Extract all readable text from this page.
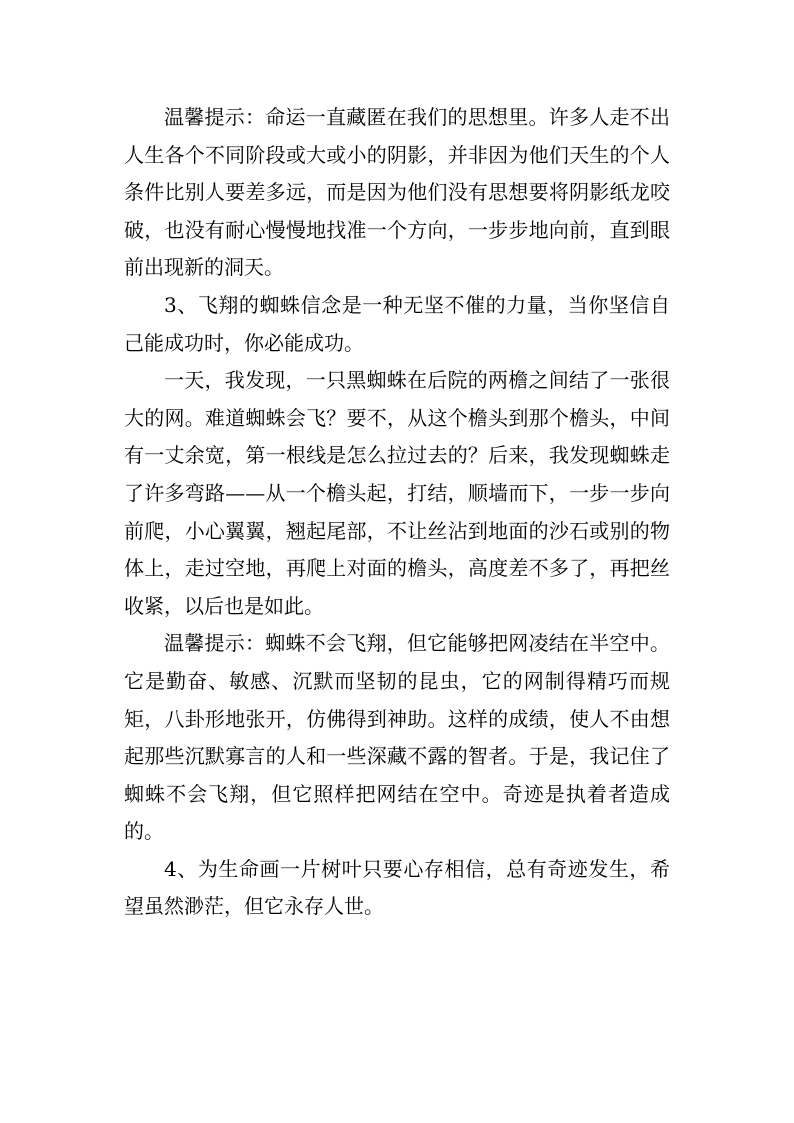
温馨提示：命运一直藏匿在我们的思想里。许多人走不出人生各个不同阶段或大或小的阴影，并非因为他们天生的个人条件比别人要差多远，而是因为他们没有思想要将阴影纸龙咬破，也没有耐心慢慢地找准一个方向，一步步地向前，直到眼前出现新的洞天。

3、飞翔的蜘蛛信念是一种无坚不催的力量，当你坚信自己能成功时，你必能成功。

一天，我发现，一只黑蜘蛛在后院的两檐之间结了一张很大的网。难道蜘蛛会飞？要不，从这个檐头到那个檐头，中间有一丈余宽，第一根线是怎么拉过去的？后来，我发现蜘蛛走了许多弯路——从一个檐头起，打结，顺墙而下，一步一步向前爬，小心翼翼，翘起尾部，不让丝沾到地面的沙石或别的物体上，走过空地，再爬上对面的檐头，高度差不多了，再把丝收紧，以后也是如此。

温馨提示：蜘蛛不会飞翔，但它能够把网凌结在半空中。它是勤奋、敏感、沉默而坚韧的昆虫，它的网制得精巧而规矩，八卦形地张开，仿佛得到神助。这样的成绩，使人不由想起那些沉默寡言的人和一些深藏不露的智者。于是，我记住了蜘蛛不会飞翔，但它照样把网结在空中。奇迹是执着者造成的。

4、为生命画一片树叶只要心存相信，总有奇迹发生，希望虽然渺茫，但它永存人世。
